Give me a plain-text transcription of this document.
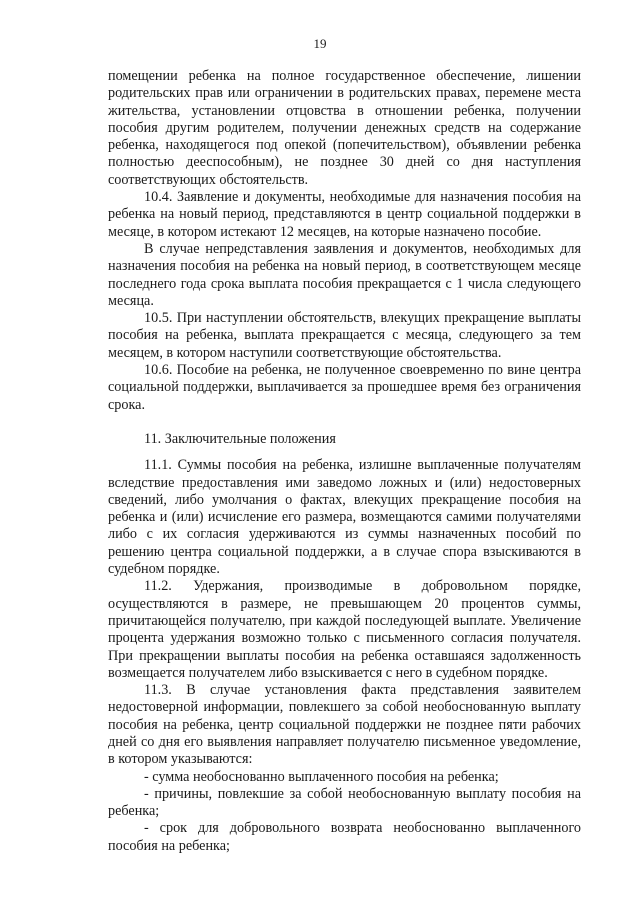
19

помещении ребенка на полное государственное обеспечение, лишении родительских прав или ограничении в родительских правах, перемене места жительства, установлении отцовства в отношении ребенка, получении пособия другим родителем, получении денежных средств на содержание ребенка, находящегося под опекой (попечительством), объявлении ребенка полностью дееспособным), не позднее 30 дней со дня наступления соответствующих обстоятельств.

10.4. Заявление и документы, необходимые для назначения пособия на ребенка на новый период, представляются в центр социальной поддержки в месяце, в котором истекают 12 месяцев, на которые назначено пособие.

В случае непредставления заявления и документов, необходимых для назначения пособия на ребенка на новый период, в соответствующем месяце последнего года срока выплата пособия прекращается с 1 числа следующего месяца.

10.5. При наступлении обстоятельств, влекущих прекращение выплаты пособия на ребенка, выплата прекращается с месяца, следующего за тем месяцем, в котором наступили соответствующие обстоятельства.

10.6. Пособие на ребенка, не полученное своевременно по вине центра социальной поддержки, выплачивается за прошедшее время без ограничения срока.

11. Заключительные положения

11.1. Суммы пособия на ребенка, излишне выплаченные получателям вследствие предоставления ими заведомо ложных и (или) недостоверных сведений, либо умолчания о фактах, влекущих прекращение пособия на ребенка и (или) исчисление его размера, возмещаются самими получателями либо с их согласия удерживаются из суммы назначенных пособий по решению центра социальной поддержки, а в случае спора взыскиваются в судебном порядке.

11.2. Удержания, производимые в добровольном порядке, осуществляются в размере, не превышающем 20 процентов суммы, причитающейся получателю, при каждой последующей выплате. Увеличение процента удержания возможно только с письменного согласия получателя. При прекращении выплаты пособия на ребенка оставшаяся задолженность возмещается получателем либо взыскивается с него в судебном порядке.

11.3. В случае установления факта представления заявителем недостоверной информации, повлекшего за собой необоснованную выплату пособия на ребенка, центр социальной поддержки не позднее пяти рабочих дней со дня его выявления направляет получателю письменное уведомление, в котором указываются:

- сумма необоснованно выплаченного пособия на ребенка;

- причины, повлекшие за собой необоснованную выплату пособия на ребенка;

- срок для добровольного возврата необоснованно выплаченного пособия на ребенка;
